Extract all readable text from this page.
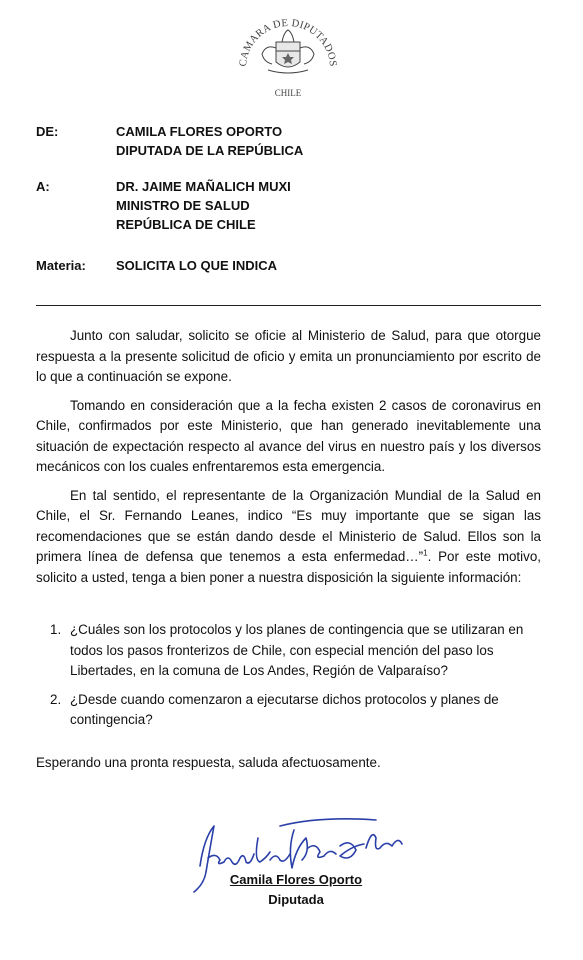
CAMARA DE DIPUTADOS
CHILE
DE:	CAMILA FLORES OPORTO
DIPUTADA DE LA REPÚBLICA
A:	DR. JAIME MAÑALICH MUXI
MINISTRO DE SALUD
REPÚBLICA DE CHILE
Materia: SOLICITA LO QUE INDICA

Junto con saludar, solicito se oficie al Ministerio de Salud, para que otorgue respuesta a la presente solicitud de oficio y emita un pronunciamiento por escrito de lo que a continuación se expone.

Tomando en consideración que a la fecha existen 2 casos de coronavirus en Chile, confirmados por este Ministerio, que han generado inevitablemente una situación de expectación respecto al avance del virus en nuestro país y los diversos mecánicos con los cuales enfrentaremos esta emergencia.

En tal sentido, el representante de la Organización Mundial de la Salud en Chile, el Sr. Fernando Leanes, indico “Es muy importante que se sigan las recomendaciones que se están dando desde el Ministerio de Salud. Ellos son la primera línea de defensa que tenemos a esta enfermedad…”$^1$. Por este motivo, solicito a usted, tenga a bien poner a nuestra disposición la siguiente información:

1. ¿Cuáles son los protocolos y los planes de contingencia que se utilizaran en todos los pasos fronterizos de Chile, con especial mención del paso los Libertades, en la comuna de Los Andes, Región de Valparaíso?
2. ¿Desde cuando comenzaron a ejecutarse dichos protocolos y planes de contingencia?
Esperando una pronta respuesta, saluda afectuosamente.
Camila Flores Oporto
Diputada
